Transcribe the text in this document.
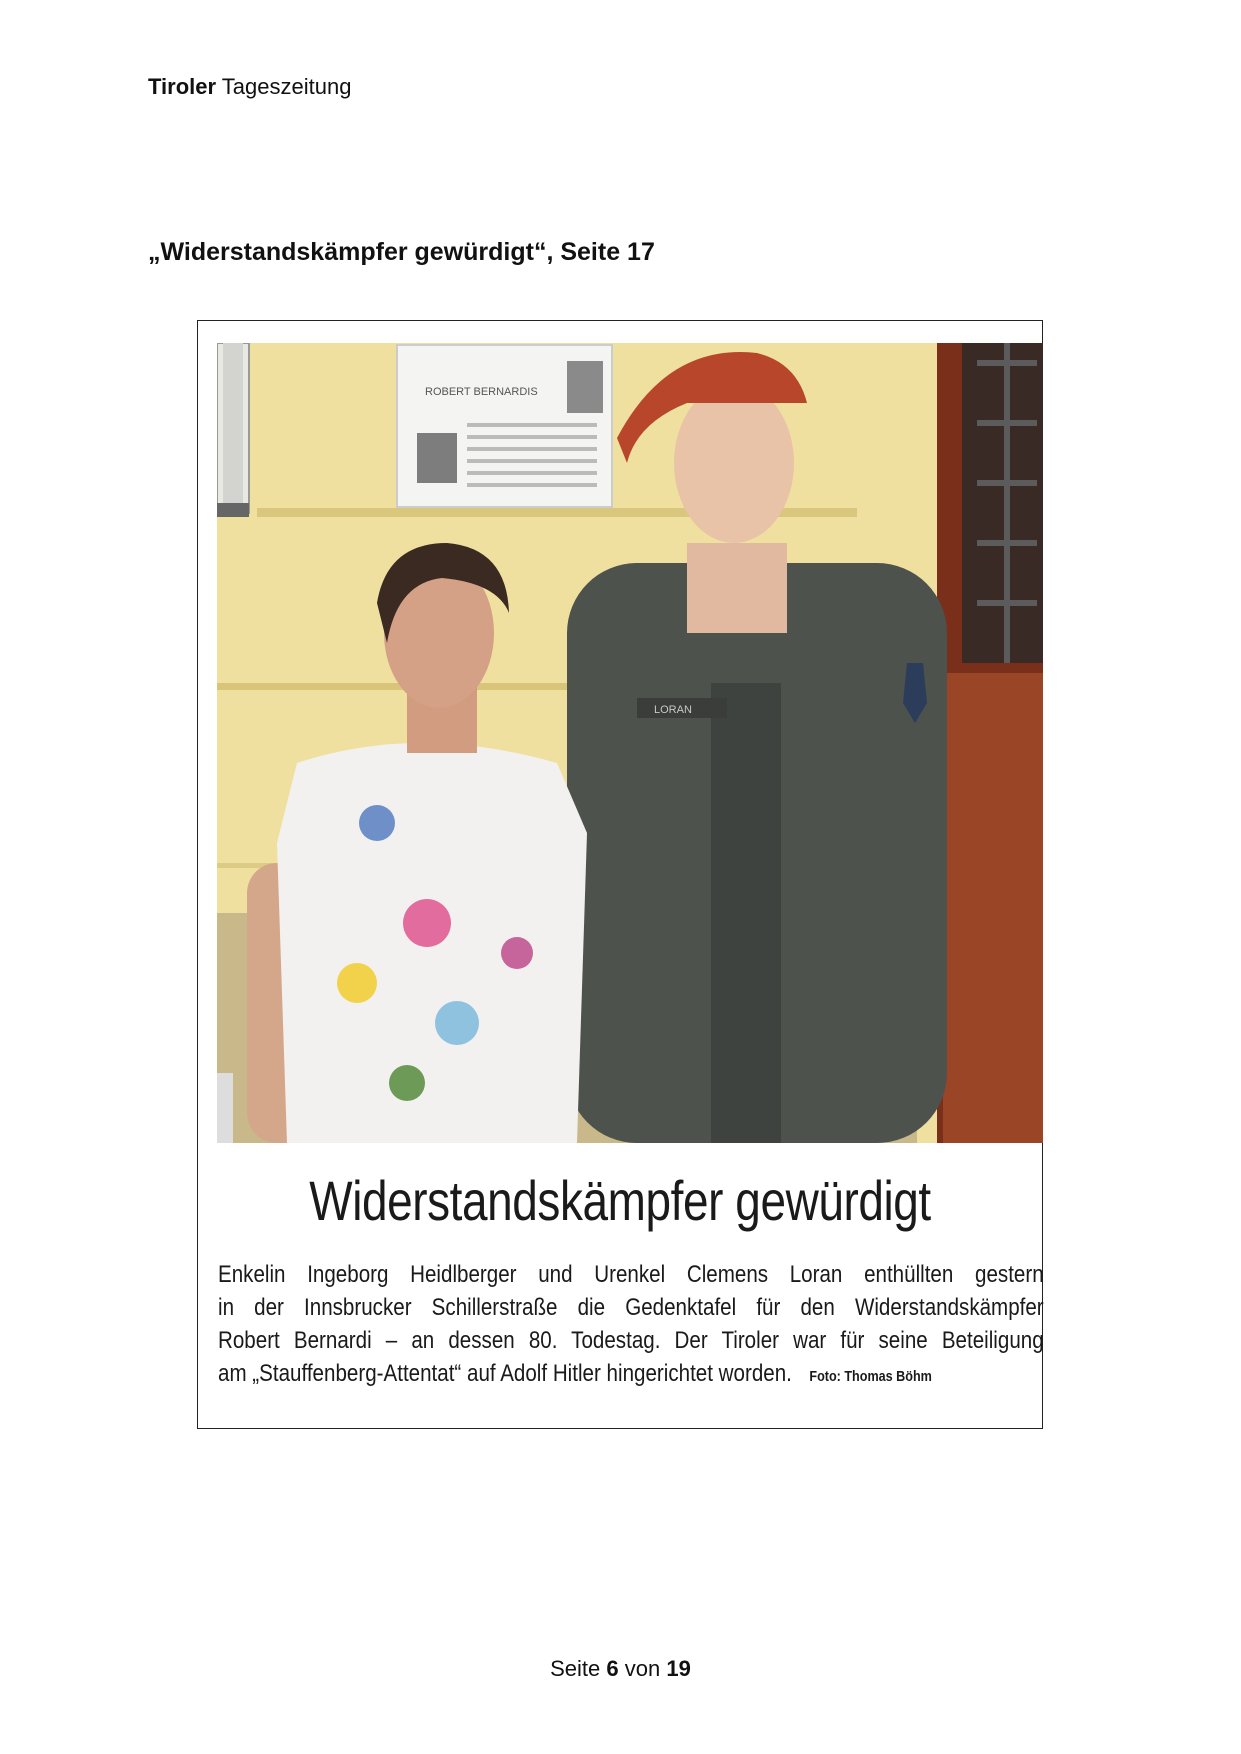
Tiroler Tageszeitung
„Widerstandskämpfer gewürdigt“, Seite 17
ROBERT BERNARDIS
LORAN
Widerstandskämpfer gewürdigt
Enkelin Ingeborg Heidlberger und Urenkel Clemens Loran enthüllten gestern
in der Innsbrucker Schillerstraße die Gedenktafel für den Widerstandskämpfer
Robert Bernardi – an dessen 80. Todestag. Der Tiroler war für seine Beteiligung
am „Stauffenberg-Attentat“ auf Adolf Hitler hingerichtet worden. Foto: Thomas Böhm
Seite 6 von 19
